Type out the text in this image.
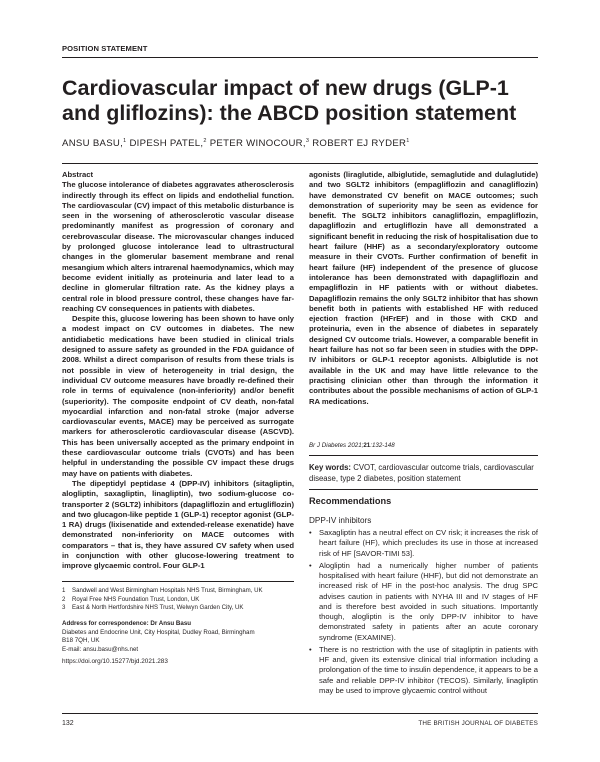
POSITION STATEMENT
Cardiovascular impact of new drugs (GLP-1 and gliflozins): the ABCD position statement
ANSU BASU,$^1$ DIPESH PATEL,$^2$ PETER WINOCOUR,$^3$ ROBERT EJ RYDER$^1$

Abstract

The glucose intolerance of diabetes aggravates atherosclerosis indirectly through its effect on lipids and endothelial function. The cardiovascular (CV) impact of this metabolic disturbance is seen in the worsening of atherosclerotic vascular disease predominantly manifest as progression of coronary and cerebrovascular disease. The microvascular changes induced by prolonged glucose intolerance lead to ultrastructural changes in the glomerular basement membrane and renal mesangium which alters intrarenal haemodynamics, which may become evident initially as proteinuria and later lead to a decline in glomerular filtration rate. As the kidney plays a central role in blood pressure control, these changes have far-reaching CV consequences in patients with diabetes.

Despite this, glucose lowering has been shown to have only a modest impact on CV outcomes in diabetes. The new antidiabetic medications have been studied in clinical trials designed to assure safety as grounded in the FDA guidance of 2008. Whilst a direct comparison of results from these trials is not possible in view of heterogeneity in trial design, the individual CV outcome measures have broadly re-defined their role in terms of equivalence (non-inferiority) and/or benefit (superiority). The composite endpoint of CV death, non-fatal myocardial infarction and non-fatal stroke (major adverse cardiovascular events, MACE) may be perceived as surrogate markers for atherosclerotic cardiovascular disease (ASCVD). This has been universally accepted as the primary endpoint in these cardiovascular outcome trials (CVOTs) and has been helpful in understanding the possible CV impact these drugs may have on patients with diabetes.

The dipeptidyl peptidase 4 (DPP-IV) inhibitors (sitagliptin, alogliptin, saxagliptin, linagliptin), two sodium-glucose co-transporter 2 (SGLT2) inhibitors (dapagliflozin and ertugliflozin) and two glucagon-like peptide 1 (GLP-1) receptor agonist (GLP-1 RA) drugs (lixisenatide and extended-release exenatide) have demonstrated non-inferiority on MACE outcomes with comparators – that is, they have assured CV safety when used in conjunction with other glucose-lowering treatment to improve glycaemic control. Four GLP-1

agonists (liraglutide, albiglutide, semaglutide and dulaglutide) and two SGLT2 inhibitors (empagliflozin and canagliflozin) have demonstrated CV benefit on MACE outcomes; such demonstration of superiority may be seen as evidence for benefit. The SGLT2 inhibitors canagliflozin, empagliflozin, dapagliflozin and ertugliflozin have all demonstrated a significant benefit in reducing the risk of hospitalisation due to heart failure (HHF) as a secondary/exploratory outcome measure in their CVOTs. Further confirmation of benefit in heart failure (HF) independent of the presence of glucose intolerance has been demonstrated with dapagliflozin and empagliflozin in HF patients with or without diabetes. Dapagliflozin remains the only SGLT2 inhibitor that has shown benefit both in patients with established HF with reduced ejection fraction (HFrEF) and in those with CKD and proteinuria, even in the absence of diabetes in separately designed CV outcome trials. However, a comparable benefit in heart failure has not so far been seen in studies with the DPP-IV inhibitors or GLP-1 receptor agonists. Albiglutide is not available in the UK and may have little relevance to the practising clinician other than through the information it contributes about the possible mechanisms of action of GLP-1 RA medications.

Br J Diabetes 2021;21:132-148
Key words: CVOT, cardiovascular outcome trials, cardiovascular disease, type 2 diabetes, position statement
Recommendations
DPP-IV inhibitors
• Saxagliptin has a neutral effect on CV risk; it increases the risk of heart failure (HF), which precludes its use in those at increased risk of HF [SAVOR-TIMI 53].
• Alogliptin had a numerically higher number of patients hospitalised with heart failure (HHF), but did not demonstrate an increased risk of HF in the post-hoc analysis. The drug SPC advises caution in patients with NYHA III and IV stages of HF and is therefore best avoided in such situations. Importantly though, alogliptin is the only DPP-IV inhibitor to have demonstrated safety in patients after an acute coronary syndrome (EXAMINE).
• There is no restriction with the use of sitagliptin in patients with HF and, given its extensive clinical trial information including a prolongation of the time to insulin dependence, it appears to be a safe and reliable DPP-IV inhibitor (TECOS). Similarly, linagliptin may be used to improve glycaemic control without
1 Sandwell and West Birmingham Hospitals NHS Trust, Birmingham, UK
2 Royal Free NHS Foundation Trust, London, UK
3 East & North Hertfordshire NHS Trust, Welwyn Garden City, UK
Address for correspondence: Dr Ansu Basu
Diabetes and Endocrine Unit, City Hospital, Dudley Road, Birmingham
B18 7QH, UK
E-mail: ansu.basu@nhs.net
https://doi.org/10.15277/bjd.2021.283
132	THE BRITISH JOURNAL OF DIABETES
